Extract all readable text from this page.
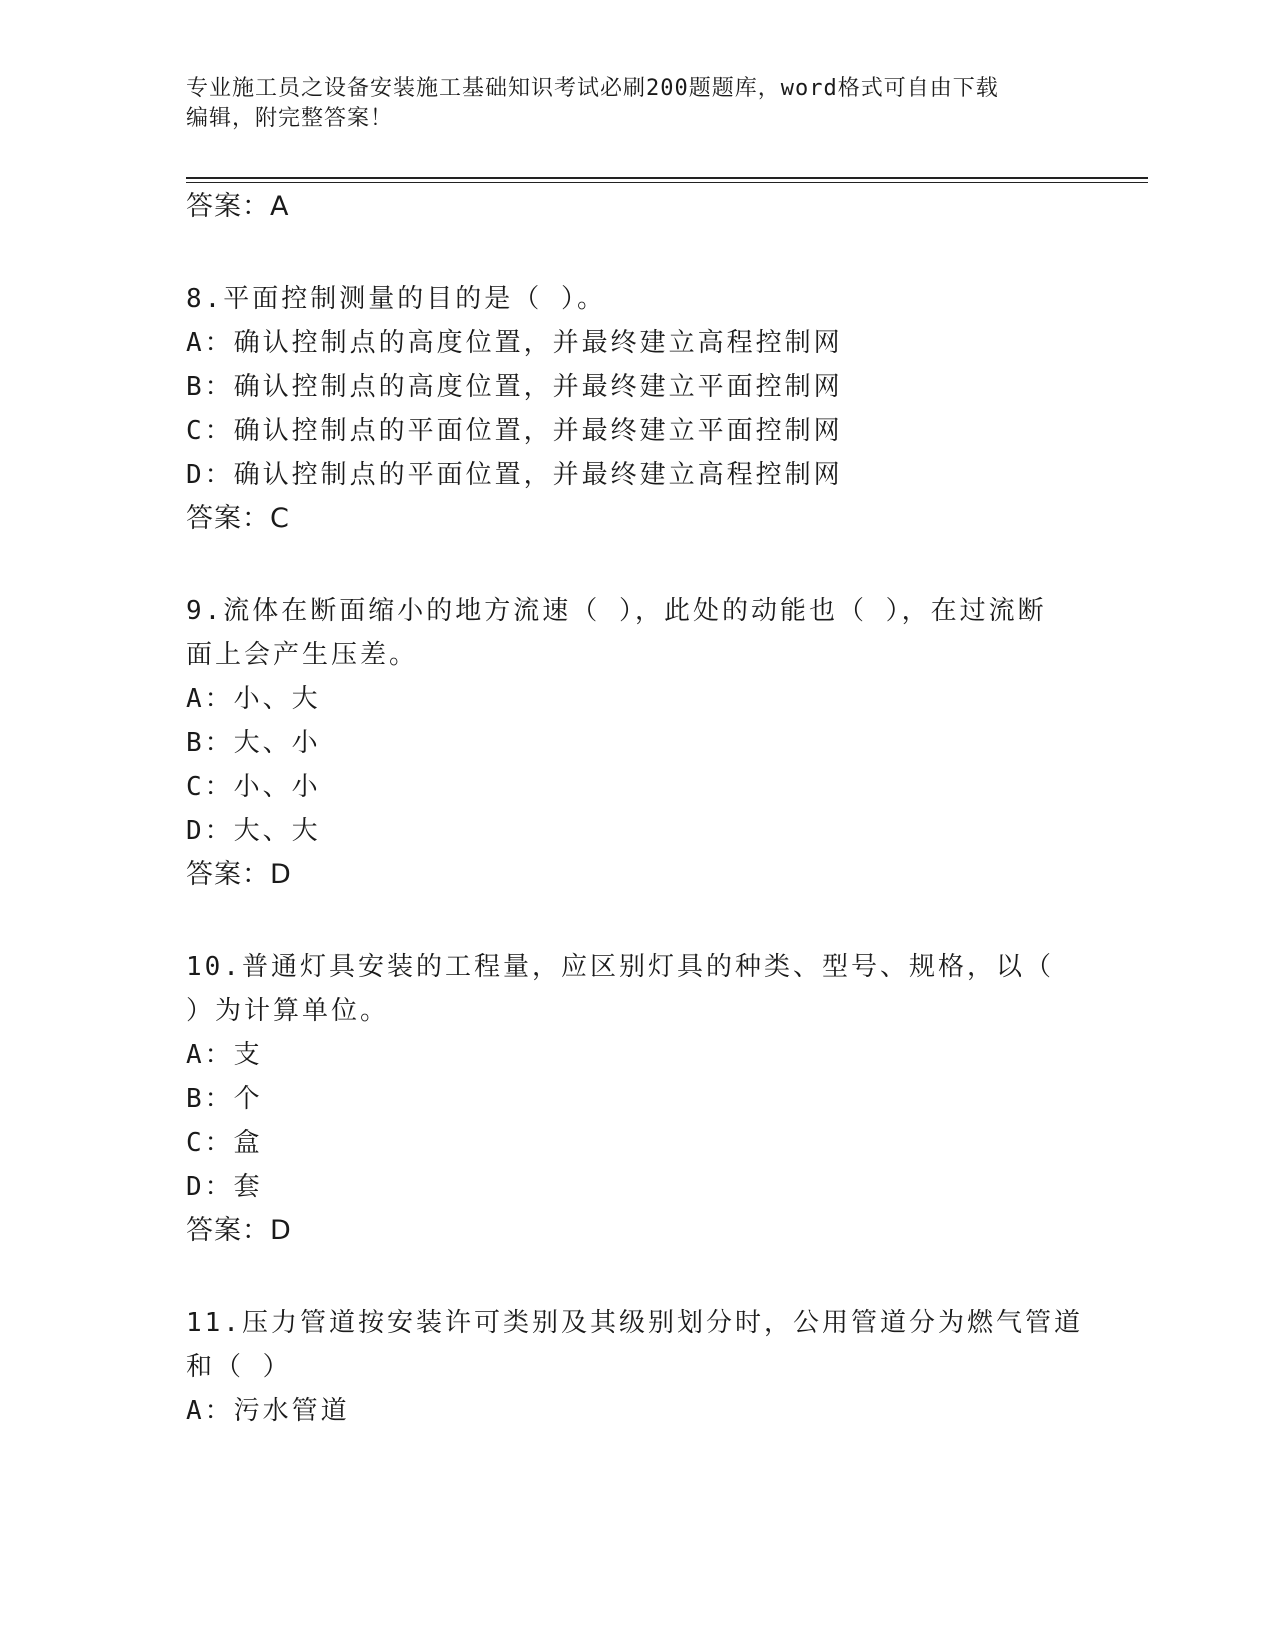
专业施工员之设备安装施工基础知识考试必刷200题题库，word格式可自由下载
编辑，附完整答案！
答案：A
8.平面控制测量的目的是（ ）。
A：确认控制点的高度位置，并最终建立高程控制网
B：确认控制点的高度位置，并最终建立平面控制网
C：确认控制点的平面位置，并最终建立平面控制网
D：确认控制点的平面位置，并最终建立高程控制网
答案：C
9.流体在断面缩小的地方流速（ ），此处的动能也（ ），在过流断
面上会产生压差。
A：小、大
B：大、小
C：小、小
D：大、大
答案：D
10.普通灯具安装的工程量，应区别灯具的种类、型号、规格，以（
）为计算单位。
A：支
B：个
C：盒
D：套
答案：D
11.压力管道按安装许可类别及其级别划分时，公用管道分为燃气管道
和（ ）
A：污水管道
